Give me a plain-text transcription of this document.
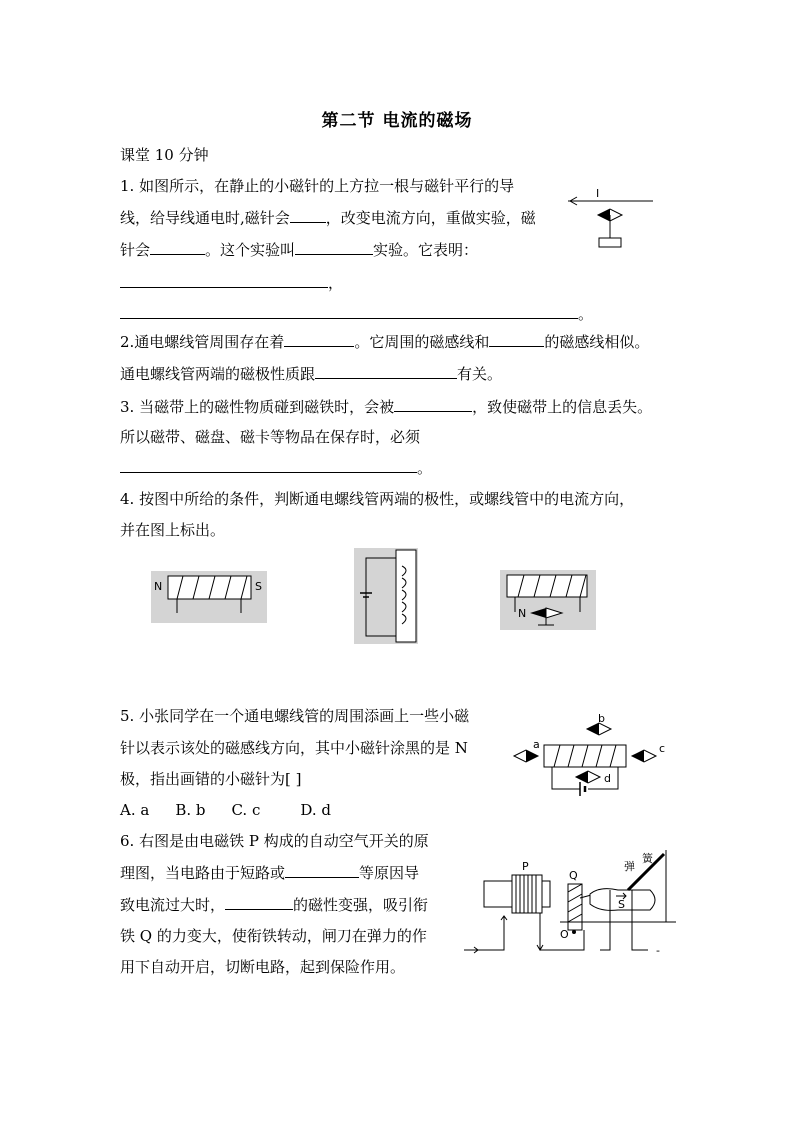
第二节 电流的磁场
课堂 10 分钟
1. 如图所示，在静止的小磁针的上方拉一根与磁针平行的导
线，给导线通电时,磁针会 ，改变电流方向，重做实验，磁
针会	。这个实验叫	实验。它表明：
，
。
I
2.通电螺线管周围存在着	。它周围的磁感线和	的磁感线相似。
通电螺线管两端的磁极性质跟	有关。
3. 当磁带上的磁性物质碰到磁铁时，会被	，致使磁带上的信息丢失。
所以磁带、磁盘、磁卡等物品在保存时，必须
。
4. 按图中所给的条件，判断通电螺线管两端的极性，或螺线管中的电流方向，
并在图上标出。
N	S
N
5. 小张同学在一个通电螺线管的周围添画上一些小磁
针以表示该处的磁感线方向，其中小磁针涂黑的是 N
极，指出画错的小磁针为[ ]
A. a B. b C. c	D. d
b
a	c
d
6. 右图是由电磁铁 P 构成的自动空气开关的原
理图，当电路由于短路或	等原因导
致电流过大时，	的磁性变强，吸引衔
铁 Q 的力变大，使衔铁转动，闸刀在弹力的作
用下自动开启，切断电路，起到保险作用。
P
Q
O
S
弹
簧
-
